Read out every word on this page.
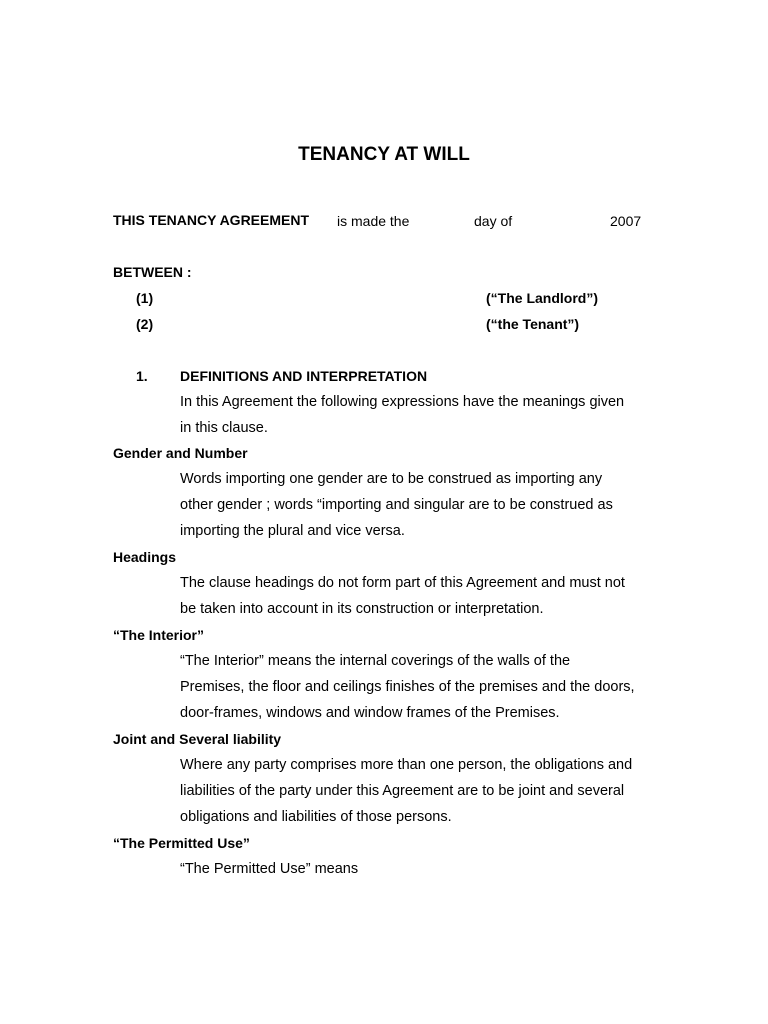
TENANCY AT WILL
THIS TENANCY AGREEMENT is made the	day of	2007
BETWEEN :
(1)	(“The Landlord”)
(2)	(“the Tenant”)
1. DEFINITIONS AND INTERPRETATION
In this Agreement the following expressions have the meanings given
in this clause.
Gender and Number
Words importing one gender are to be construed as importing any
other gender ; words “importing and singular are to be construed as
importing the plural and vice versa.
Headings
The clause headings do not form part of this Agreement and must not
be taken into account in its construction or interpretation.
“The Interior”
“The Interior” means the internal coverings of the walls of the
Premises, the floor and ceilings finishes of the premises and the doors,
door-frames, windows and window frames of the Premises.
Joint and Several liability
Where any party comprises more than one person, the obligations and
liabilities of the party under this Agreement are to be joint and several
obligations and liabilities of those persons.
“The Permitted Use”
“The Permitted Use” means
